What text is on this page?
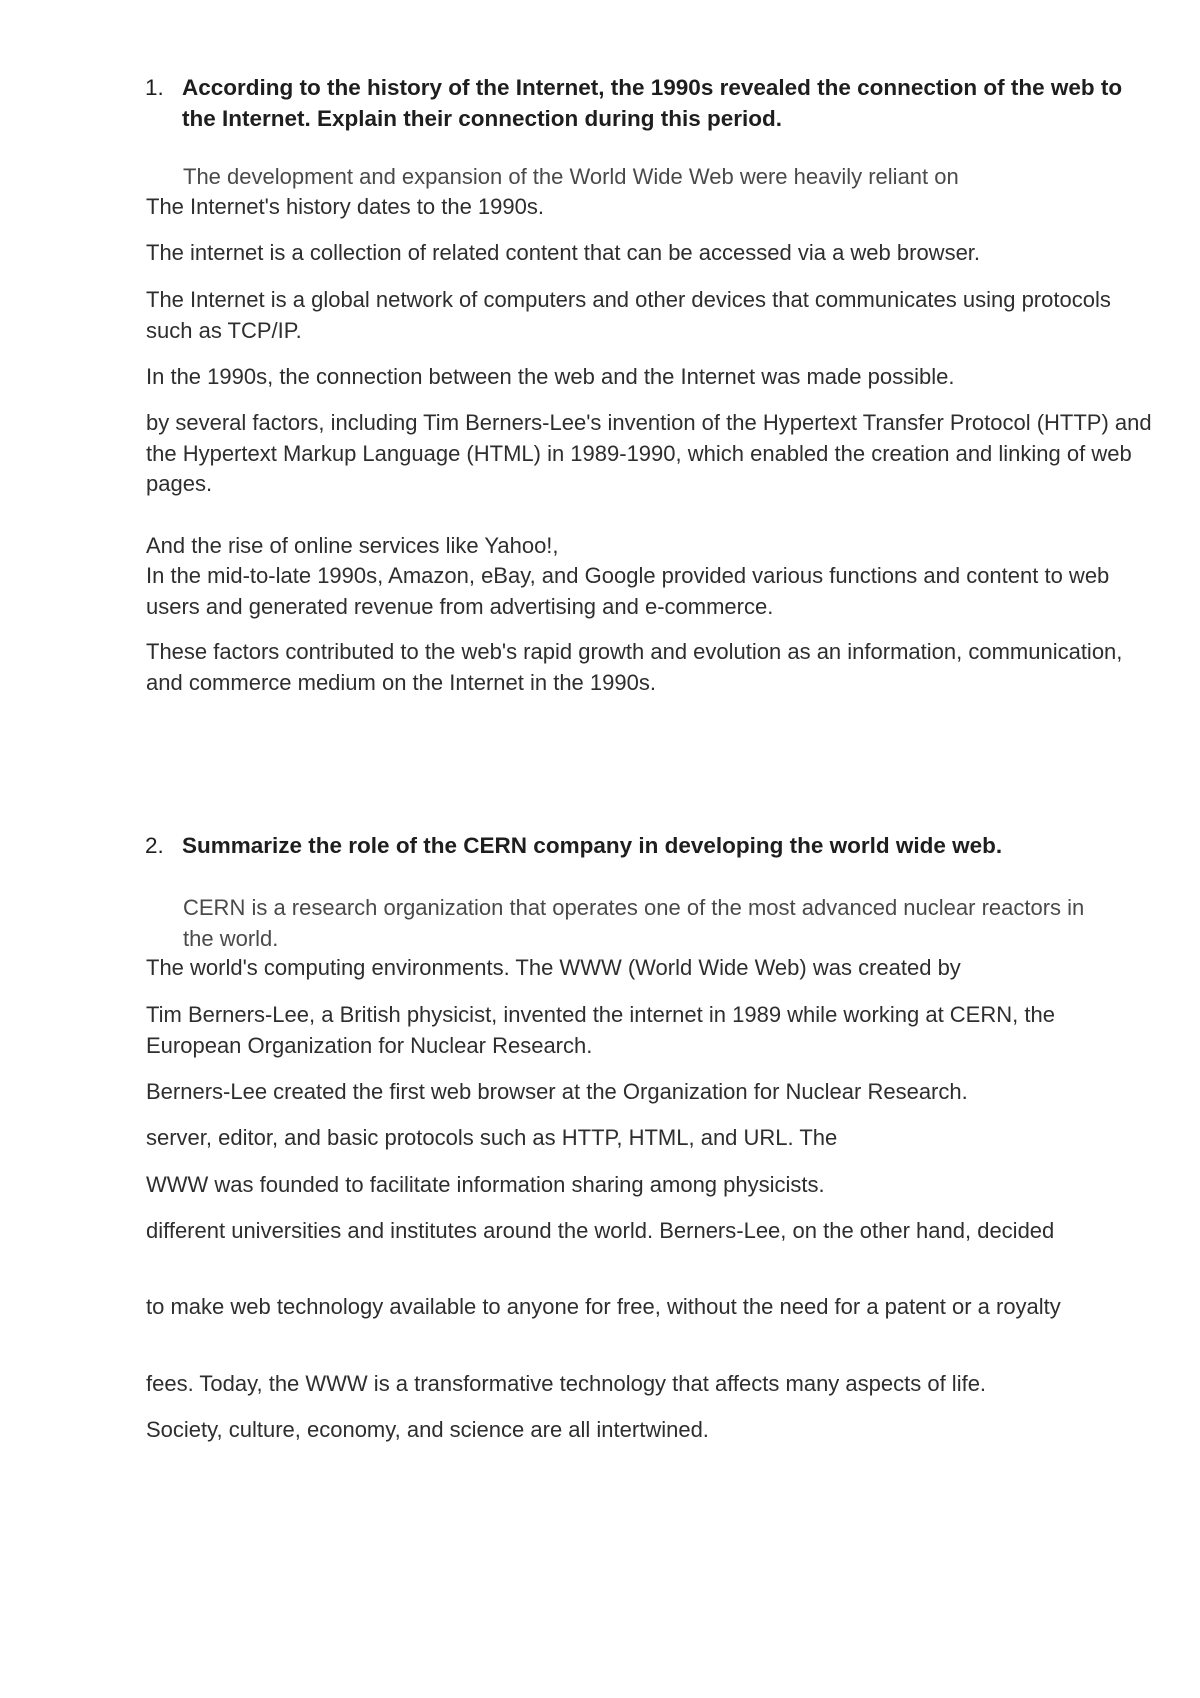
1. According to the history of the Internet, the 1990s revealed the connection of the web to the Internet. Explain their connection during this period.

The development and expansion of the World Wide Web were heavily reliant on

The Internet's history dates to the 1990s.

The internet is a collection of related content that can be accessed via a web browser.

The Internet is a global network of computers and other devices that communicates using protocols such as TCP/IP.

In the 1990s, the connection between the web and the Internet was made possible.

by several factors, including Tim Berners-Lee's invention of the Hypertext Transfer Protocol (HTTP) and the Hypertext Markup Language (HTML) in 1989-1990, which enabled the creation and linking of web pages.

And the rise of online services like Yahoo!,

In the mid-to-late 1990s, Amazon, eBay, and Google provided various functions and content to web users and generated revenue from advertising and e-commerce.

These factors contributed to the web's rapid growth and evolution as an information, communication, and commerce medium on the Internet in the 1990s.

2. Summarize the role of the CERN company in developing the world wide web.

CERN is a research organization that operates one of the most advanced nuclear reactors in the world.

The world's computing environments. The WWW (World Wide Web) was created by

Tim Berners-Lee, a British physicist, invented the internet in 1989 while working at CERN, the European Organization for Nuclear Research.

Berners-Lee created the first web browser at the Organization for Nuclear Research.

server, editor, and basic protocols such as HTTP, HTML, and URL. The

WWW was founded to facilitate information sharing among physicists.

different universities and institutes around the world. Berners-Lee, on the other hand, decided

to make web technology available to anyone for free, without the need for a patent or a royalty

fees. Today, the WWW is a transformative technology that affects many aspects of life.

Society, culture, economy, and science are all intertwined.
